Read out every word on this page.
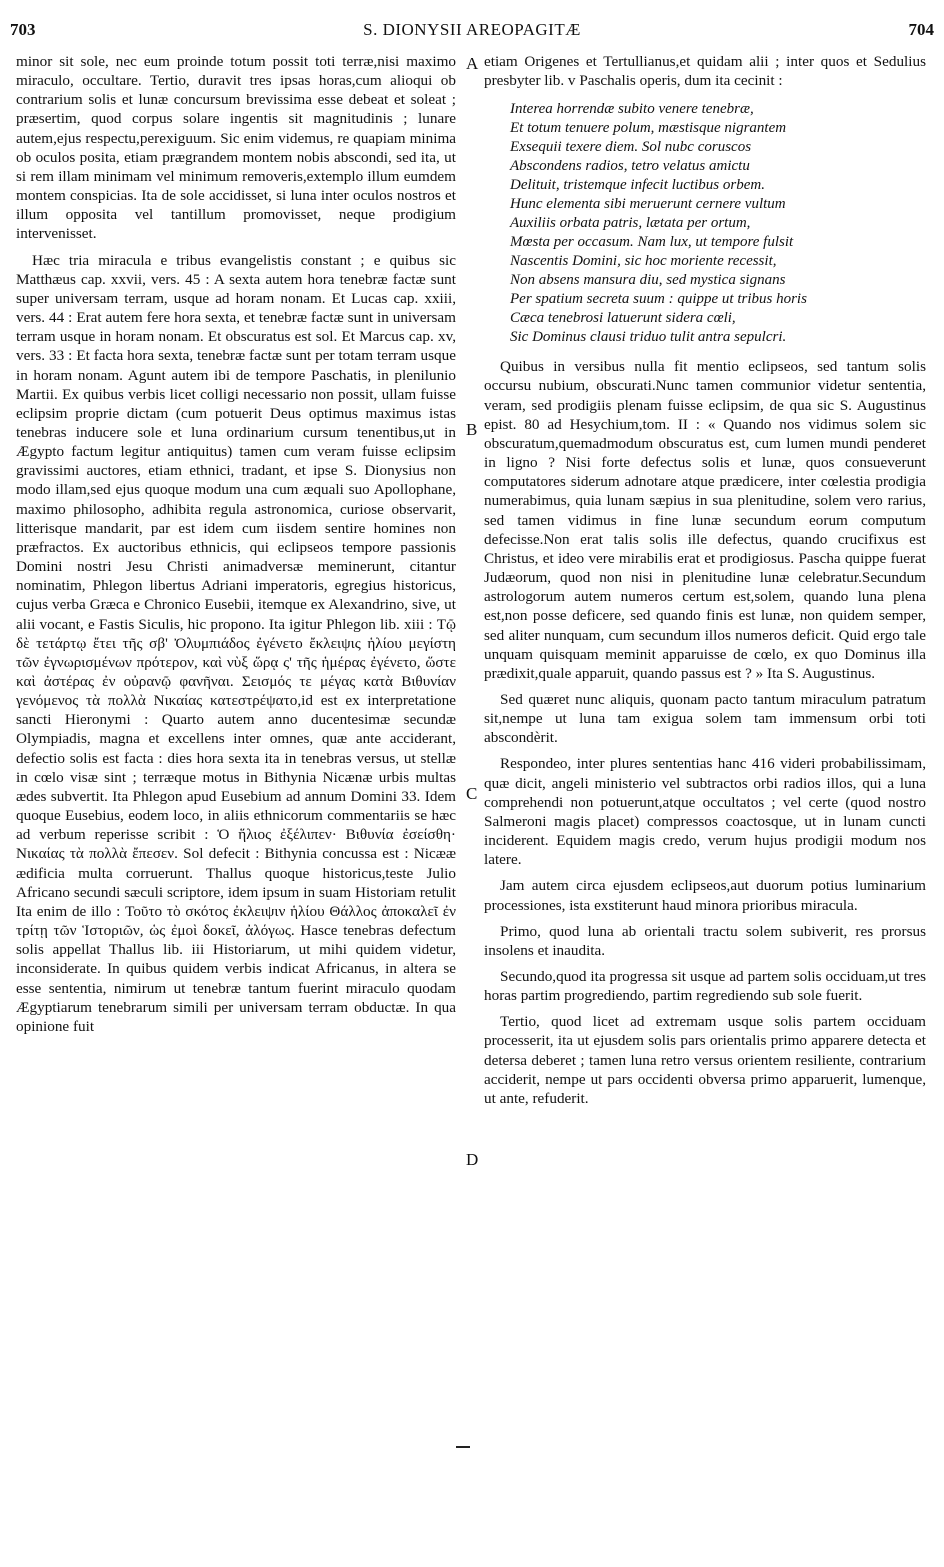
703	S. DIONYSII AREOPAGITÆ	704

minor sit sole, nec eum proinde totum possit toti terræ,nisi maximo miraculo, occultare. Tertio, duravit tres ipsas horas,cum alioqui ob contrarium solis et lunæ concursum brevissima esse debeat et soleat ; præsertim, quod corpus solare ingentis sit magnitudinis ; lunare autem,ejus respectu,perexiguum. Sic enim videmus, re quapiam minima ob oculos posita, etiam prægrandem montem nobis abscondi, sed ita, ut si rem illam minimam vel minimum removeris,extemplo illum eumdem montem conspicias. Ita de sole accidisset, si luna inter oculos nostros et illum opposita vel tantillum promovisset, neque prodigium intervenisset.

Hæc tria miracula e tribus evangelistis constant ; e quibus sic Matthæus cap. xxvii, vers. 45 : A sexta autem hora tenebræ factæ sunt super universam terram, usque ad horam nonam. Et Lucas cap. xxiii, vers. 44 : Erat autem fere hora sexta, et tenebræ factæ sunt in universam terram usque in horam nonam. Et obscuratus est sol. Et Marcus cap. xv, vers. 33 : Et facta hora sexta, tenebræ factæ sunt per totam terram usque in horam nonam. Agunt autem ibi de tempore Paschatis, in plenilunio Martii. Ex quibus verbis licet colligi necessario non possit, ullam fuisse eclipsim proprie dictam (cum potuerit Deus optimus maximus istas tenebras inducere sole et luna ordinarium cursum tenentibus,ut in Ægypto factum legitur antiquitus) tamen cum veram fuisse eclipsim gravissimi auctores, etiam ethnici, tradant, et ipse S. Dionysius non modo illam,sed ejus quoque modum una cum æquali suo Apollophane, maximo philosopho, adhibita regula astronomica, curiose observarit, litterisque mandarit, par est idem cum iisdem sentire homines non præfractos. Ex auctoribus ethnicis, qui eclipseos tempore passionis Domini nostri Jesu Christi animadversæ meminerunt, citantur nominatim, Phlegon libertus Adriani imperatoris, egregius historicus, cujus verba Græca e Chronico Eusebii, itemque ex Alexandrino, sive, ut alii vocant, e Fastis Siculis, hic propono. Ita igitur Phlegon lib. xiii : Τῷ δὲ τετάρτῳ ἔτει τῆς σβ' Ὀλυμπιάδος ἐγένετο ἔκλειψις ἡλίου μεγίστη τῶν ἐγνωρισμένων πρότερον, καὶ νὺξ ὥρᾳ ς' τῆς ἡμέρας ἐγένετο, ὥστε καὶ ἀστέρας ἐν οὐρανῷ φανῆναι. Σεισμός τε μέγας κατὰ Βιθυνίαν γενόμενος τὰ πολλὰ Νικαίας κατεστρέψατο,id est ex interpretatione sancti Hieronymi : Quarto autem anno ducentesimæ secundæ Olympiadis, magna et excellens inter omnes, quæ ante acciderant, defectio solis est facta : dies hora sexta ita in tenebras versus, ut stellæ in cœlo visæ sint ; terræque motus in Bithynia Nicænæ urbis multas ædes subvertit. Ita Phlegon apud Eusebium ad annum Domini 33. Idem quoque Eusebius, eodem loco, in aliis ethnicorum commentariis se hæc ad verbum reperisse scribit : Ὁ ἥλιος ἐξέλιπεν· Βιθυνία ἐσείσθη· Νικαίας τὰ πολλὰ ἔπεσεν. Sol defecit : Bithynia concussa est : Nicææ ædificia multa corruerunt. Thallus quoque historicus,teste Julio Africano secundi sæculi scriptore, idem ipsum in suam Historiam retulit Ita enim de illo : Τοῦτο τὸ σκότος ἐκλειψιν ἡλίου Θάλλος ἀποκαλεῖ ἐν τρίτῃ τῶν Ἱστοριῶν, ὡς ἐμοὶ δοκεῖ, ἀλόγως. Hasce tenebras defectum solis appellat Thallus lib. iii Historiarum, ut mihi quidem videtur, inconsiderate. In quibus quidem verbis indicat Africanus, in altera se esse sententia, nimirum ut tenebræ tantum fuerint miraculo quodam Ægyptiarum tenebrarum simili per universam terram obductæ. In qua opinione fuit

A
B
C
D

etiam Origenes et Tertullianus,et quidam alii ; inter quos et Sedulius presbyter lib. v Paschalis operis, dum ita cecinit :

Interea horrendæ subito venere tenebræ,
Et totum tenuere polum, mæstisque nigrantem
Exsequii texere diem. Sol nubc coruscos
Abscondens radios, tetro velatus amictu
Delituit, tristemque infecit luctibus orbem.
Hunc elementa sibi meruerunt cernere vultum
Auxiliis orbata patris, lætata per ortum,
Mœsta per occasum. Nam lux, ut tempore fulsit
Nascentis Domini, sic hoc moriente recessit,
Non absens mansura diu, sed mystica signans
Per spatium secreta suum : quippe ut tribus horis
Cæca tenebrosi latuerunt sidera cœli,
Sic Dominus clausi triduo tulit antra sepulcri.

Quibus in versibus nulla fit mentio eclipseos, sed tantum solis occursu nubium, obscurati.Nunc tamen communior videtur sententia, veram, sed prodigiis plenam fuisse eclipsim, de qua sic S. Augustinus epist. 80 ad Hesychium,tom. II : « Quando nos vidimus solem sic obscuratum,quemadmodum obscuratus est, cum lumen mundi penderet in ligno ? Nisi forte defectus solis et lunæ, quos consueverunt computatores siderum adnotare atque prædicere, inter cœlestia prodigia numerabimus, quia lunam sæpius in sua plenitudine, solem vero rarius, sed tamen vidimus in fine lunæ secundum eorum computum defecisse.Non erat talis solis ille defectus, quando crucifixus est Christus, et ideo vere mirabilis erat et prodigiosus. Pascha quippe fuerat Judæorum, quod non nisi in plenitudine lunæ celebratur.Secundum astrologorum autem numeros certum est,solem, quando luna plena est,non posse deficere, sed quando finis est lunæ, non quidem semper, sed aliter nunquam, cum secundum illos numeros deficit. Quid ergo tale unquam quisquam meminit apparuisse de cœlo, ex quo Dominus illa prædixit,quale apparuit, quando passus est ? » Ita S. Augustinus.

Sed quæret nunc aliquis, quonam pacto tantum miraculum patratum sit,nempe ut luna tam exigua solem tam immensum orbi toti abscondèrit.

Respondeo, inter plures sententias hanc 416 videri probabilissimam, quæ dicit, angeli ministerio vel subtractos orbi radios illos, qui a luna comprehendi non potuerunt,atque occultatos ; vel certe (quod nostro Salmeroni magis placet) compressos coactosque, ut in lunam cuncti inciderent. Equidem magis credo, verum hujus prodigii modum nos latere.

Jam autem circa ejusdem eclipseos,aut duorum potius luminarium processiones, ista exstiterunt haud minora prioribus miracula.

Primo, quod luna ab orientali tractu solem subiverit, res prorsus insolens et inaudita.

Secundo,quod ita progressa sit usque ad partem solis occiduam,ut tres horas partim progrediendo, partim regrediendo sub sole fuerit.

Tertio, quod licet ad extremam usque solis partem occiduam processerit, ita ut ejusdem solis pars orientalis primo apparere detecta et detersa deberet ; tamen luna retro versus orientem resiliente, contrarium acciderit, nempe ut pars occidenti obversa primo apparuerit, lumenque, ut ante, refuderit.
